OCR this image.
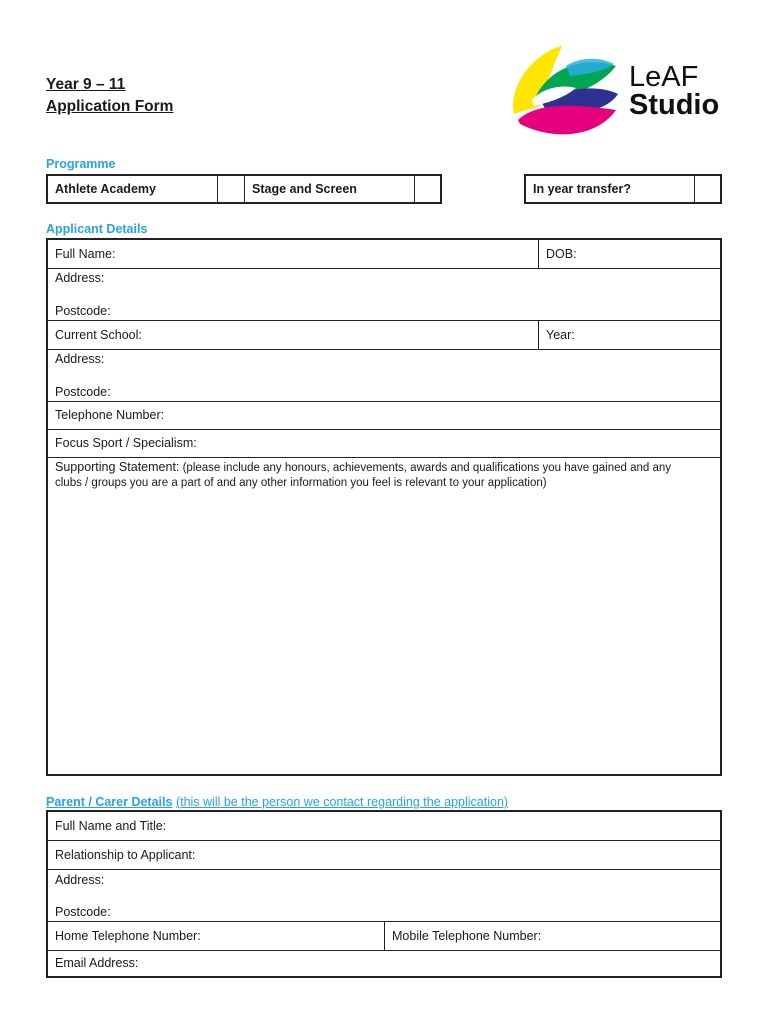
Year 9 – 11
Application Form
LeAF
Studio
Programme
Athlete Academy	Stage and Screen	In year transfer?
Applicant Details
Full Name:	DOB:
Address:
Postcode:
Current School:	Year:
Address:
Postcode:
Telephone Number:
Focus Sport / Specialism:
Supporting Statement: (please include any honours, achievements, awards and qualifications you have gained and any clubs / groups you are a part of and any other information you feel is relevant to your application)
Parent / Carer Details (this will be the person we contact regarding the application)
Full Name and Title:
Relationship to Applicant:
Address:
Postcode:
Home Telephone Number:	Mobile Telephone Number:
Email Address:
